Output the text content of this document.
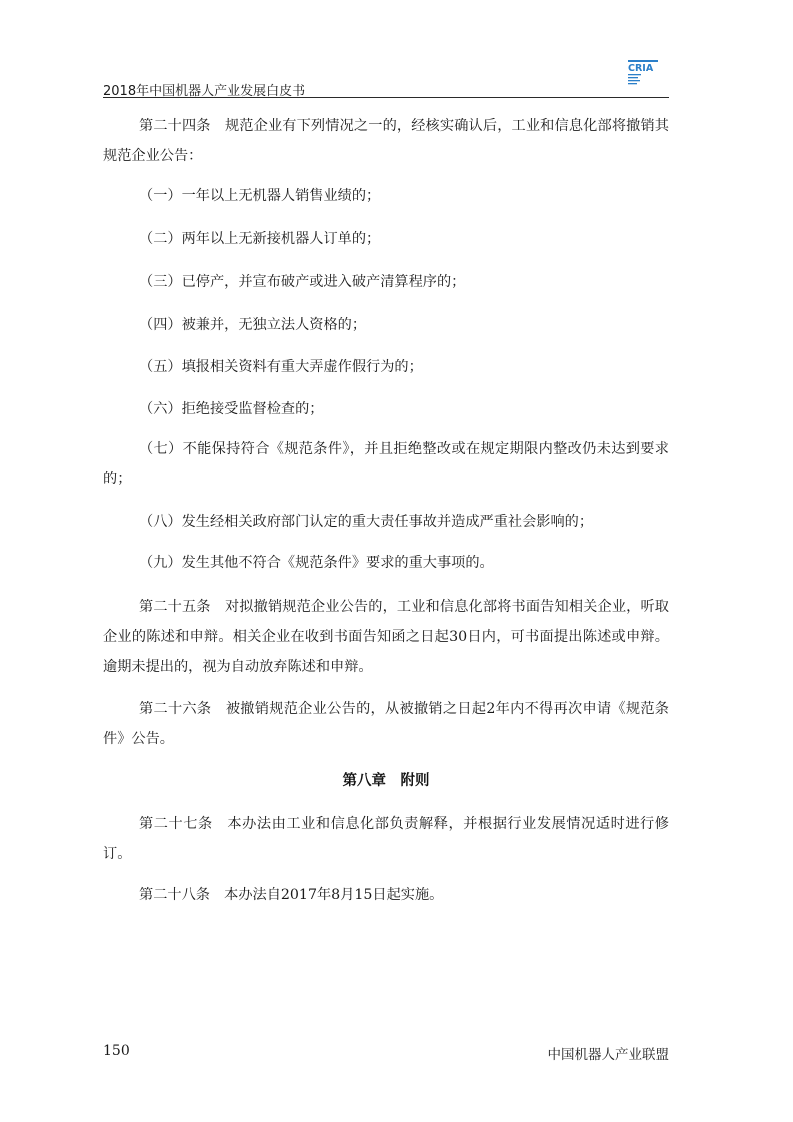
2018年中国机器人产业发展白皮书
CRIA

第二十四条　规范企业有下列情况之一的，经核实确认后，工业和信息化部将撤销其规范企业公告：

（一）一年以上无机器人销售业绩的；

（二）两年以上无新接机器人订单的；

（三）已停产，并宣布破产或进入破产清算程序的；

（四）被兼并，无独立法人资格的；

（五）填报相关资料有重大弄虚作假行为的；

（六）拒绝接受监督检查的；

（七）不能保持符合《规范条件》，并且拒绝整改或在规定期限内整改仍未达到要求的；

（八）发生经相关政府部门认定的重大责任事故并造成严重社会影响的；

（九）发生其他不符合《规范条件》要求的重大事项的。

第二十五条　对拟撤销规范企业公告的，工业和信息化部将书面告知相关企业，听取企业的陈述和申辩。相关企业在收到书面告知函之日起30日内，可书面提出陈述或申辩。逾期未提出的，视为自动放弃陈述和申辩。

第二十六条　被撤销规范企业公告的，从被撤销之日起2年内不得再次申请《规范条件》公告。

第八章　附则

第二十七条　本办法由工业和信息化部负责解释，并根据行业发展情况适时进行修订。

第二十八条　本办法自2017年8月15日起实施。

150	中国机器人产业联盟
